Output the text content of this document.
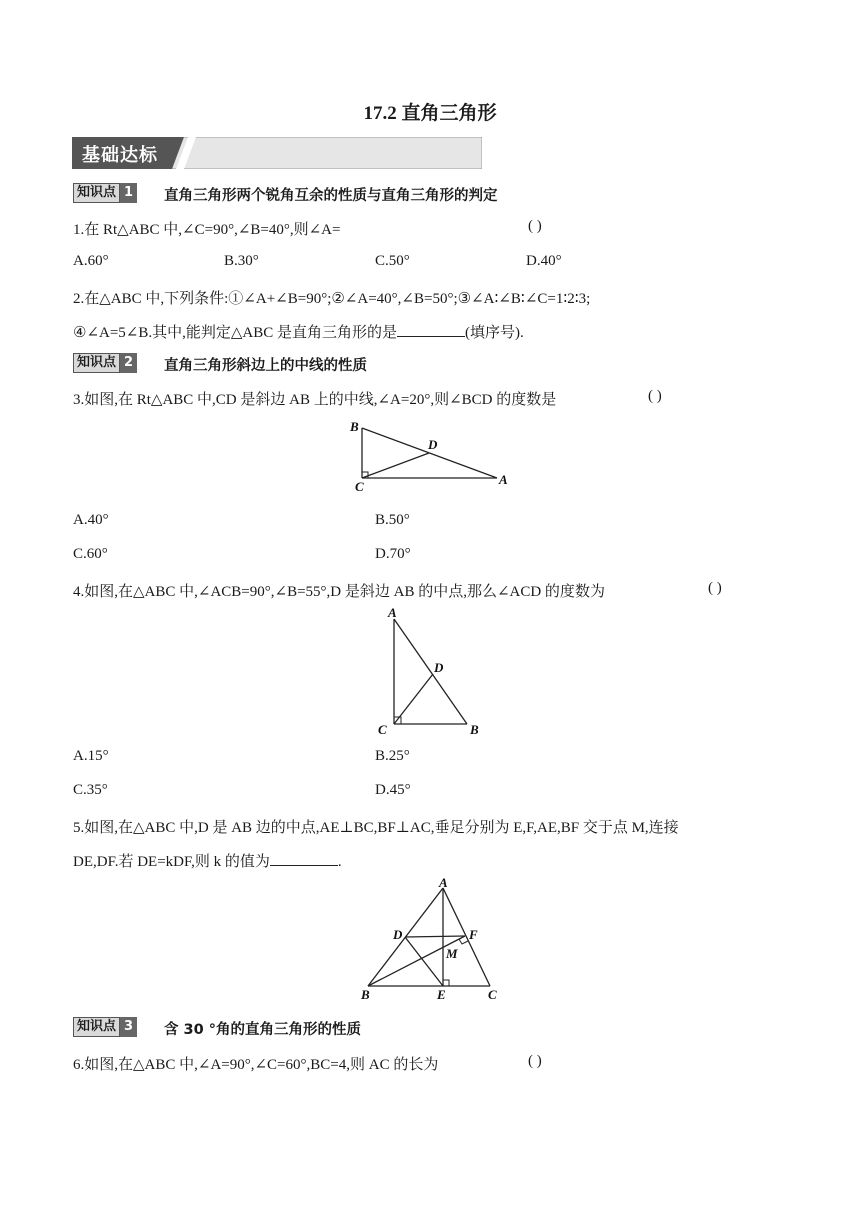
17.2 直角三角形
基础达标
知识点 1 直角三角形两个锐角互余的性质与直角三角形的判定
1.在 Rt△ABC 中,∠C=90°,∠B=40°,则∠A=	( )
A.60°	B.30°	C.50°	D.40°
2.在△ABC 中,下列条件:①∠A+∠B=90°;②∠A=40°,∠B=50°;③∠A∶∠B∶∠C=1∶2∶3;
④∠A=5∠B.其中,能判定△ABC 是直角三角形的是	(填序号).
知识点 2 直角三角形斜边上的中线的性质
3.如图,在 Rt△ABC 中,CD 是斜边 AB 上的中线,∠A=20°,则∠BCD 的度数是	( )
B
D
C	A
A.40°	B.50°
C.60°	D.70°
4.如图,在△ABC 中,∠ACB=90°,∠B=55°,D 是斜边 AB 的中点,那么∠ACD 的度数为	( )
A
D
C	B
A.15°	B.25°
C.35°	D.45°
5.如图,在△ABC 中,D 是 AB 边的中点,AE⊥BC,BF⊥AC,垂足分别为 E,F,AE,BF 交于点 M,连接
DE,DF.若 DE=kDF,则 k 的值为	.
A
D	F
M
B	E	C
知识点 3 含 30 °角的直角三角形的性质
6.如图,在△ABC 中,∠A=90°,∠C=60°,BC=4,则 AC 的长为	( )
